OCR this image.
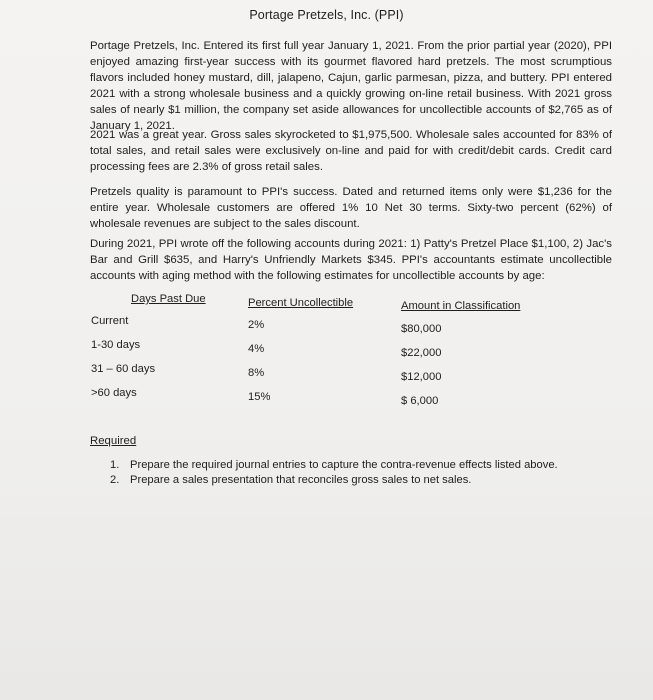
Portage Pretzels, Inc. (PPI)
Portage Pretzels, Inc. Entered its first full year January 1, 2021. From the prior partial year (2020), PPI enjoyed amazing first-year success with its gourmet flavored hard pretzels. The most scrumptious flavors included honey mustard, dill, jalapeno, Cajun, garlic parmesan, pizza, and buttery. PPI entered 2021 with a strong wholesale business and a quickly growing on-line retail business. With 2021 gross sales of nearly $1 million, the company set aside allowances for uncollectible accounts of $2,765 as of January 1, 2021.
2021 was a great year. Gross sales skyrocketed to $1,975,500. Wholesale sales accounted for 83% of total sales, and retail sales were exclusively on-line and paid for with credit/debit cards. Credit card processing fees are 2.3% of gross retail sales.
Pretzels quality is paramount to PPI's success. Dated and returned items only were $1,236 for the entire year. Wholesale customers are offered 1% 10 Net 30 terms. Sixty-two percent (62%) of wholesale revenues are subject to the sales discount.
During 2021, PPI wrote off the following accounts during 2021: 1) Patty's Pretzel Place $1,100, 2) Jac's Bar and Grill $635, and Harry's Unfriendly Markets $345. PPI's accountants estimate uncollectible accounts with aging method with the following estimates for uncollectible accounts by age:
Days Past Due	Percent Uncollectible	Amount in Classification
Current	2%	$80,000
1-30 days	4%	$22,000
31 – 60 days	8%	$12,000
>60 days	15%	$ 6,000
Required
1. Prepare the required journal entries to capture the contra-revenue effects listed above.
2. Prepare a sales presentation that reconciles gross sales to net sales.
